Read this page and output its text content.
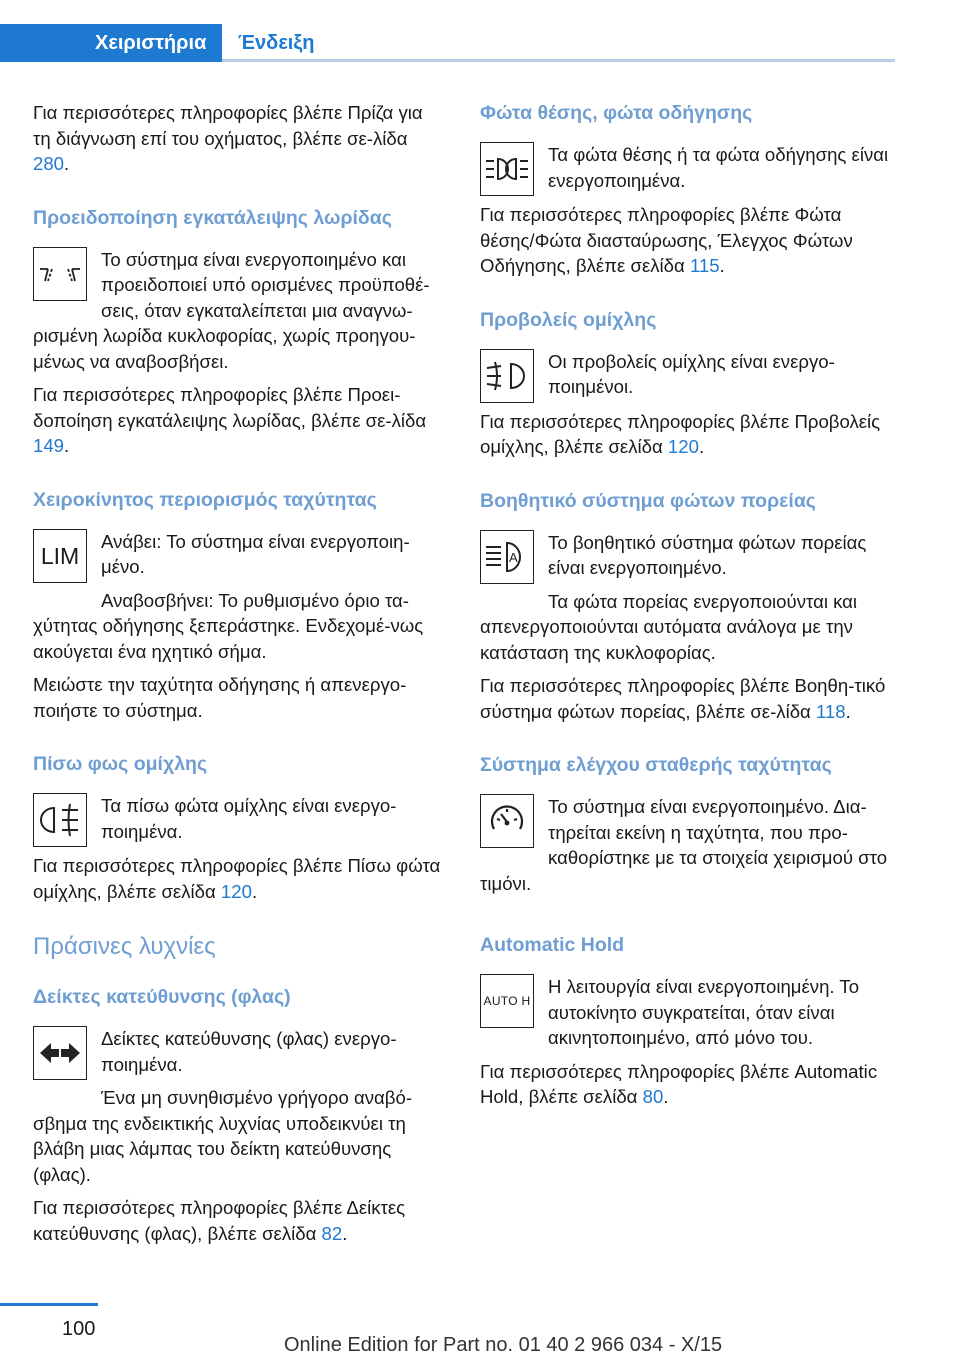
Χειριστήρια	Ένδειξη

Για περισσότερες πληροφορίες βλέπε Πρίζα για τη διάγνωση επί του οχήματος, βλέπε σε‐λίδα 280.

Προειδοποίηση εγκατάλειψης λωρίδας

Το σύστημα είναι ενεργοποιημένο και προειδοποιεί υπό ορισμένες προϋποθέ‐σεις, όταν εγκαταλείπεται μια αναγνω‐ρισμένη λωρίδα κυκλοφορίας, χωρίς προηγου‐μένως να αναβοσβήσει.

Για περισσότερες πληροφορίες βλέπε Προει‐δοποίηση εγκατάλειψης λωρίδας, βλέπε σε‐λίδα 149.

Χειροκίνητος περιορισμός ταχύτητας
LIM

Ανάβει: Το σύστημα είναι ενεργοποιη‐μένο.

Αναβοσβήνει: Το ρυθμισμένο όριο τα‐χύτητας οδήγησης ξεπεράστηκε. Ενδεχομέ‐νως ακούγεται ένα ηχητικό σήμα.

Μειώστε την ταχύτητα οδήγησης ή απενεργο‐ποιήστε το σύστημα.

Πίσω φως ομίχλης

Τα πίσω φώτα ομίχλης είναι ενεργο‐ποιημένα.

Για περισσότερες πληροφορίες βλέπε Πίσω φώτα ομίχλης, βλέπε σελίδα 120.

Πράσινες λυχνίες
Δείκτες κατεύθυνσης (φλας)

Δείκτες κατεύθυνσης (φλας) ενεργο‐ποιημένα.

Ένα μη συνηθισμένο γρήγορο αναβό‐σβημα της ενδεικτικής λυχνίας υποδεικνύει τη βλάβη μιας λάμπας του δείκτη κατεύθυνσης (φλας).

Για περισσότερες πληροφορίες βλέπε Δείκτες κατεύθυνσης (φλας), βλέπε σελίδα 82.

Φώτα θέσης, φώτα οδήγησης

Τα φώτα θέσης ή τα φώτα οδήγησης είναι ενεργοποιημένα.

Για περισσότερες πληροφορίες βλέπε Φώτα θέσης/Φώτα διασταύρωσης, Έλεγχος Φώτων Οδήγησης, βλέπε σελίδα 115.

Προβολείς ομίχλης

Οι προβολείς ομίχλης είναι ενεργο‐ποιημένοι.

Για περισσότερες πληροφορίες βλέπε Προβολείς ομίχλης, βλέπε σελίδα 120.

Βοηθητικό σύστημα φώτων πορείας
A

Το βοηθητικό σύστημα φώτων πορείας είναι ενεργοποιημένο.

Τα φώτα πορείας ενεργοποιούνται και απενεργοποιούνται αυτόματα ανάλογα με την κατάσταση της κυκλοφορίας.

Για περισσότερες πληροφορίες βλέπε Βοηθη‐τικό σύστημα φώτων πορείας, βλέπε σε‐λίδα 118.

Σύστημα ελέγχου σταθερής ταχύτητας

Το σύστημα είναι ενεργοποιημένο. Δια‐τηρείται εκείνη η ταχύτητα, που προ‐καθορίστηκε με τα στοιχεία χειρισμού στο τιμόνι.

Automatic Hold
AUTO H

Η λειτουργία είναι ενεργοποιημένη. Το αυτοκίνητο συγκρατείται, όταν είναι ακινητοποιημένο, από μόνο του.

Για περισσότερες πληροφορίες βλέπε Automatic Hold, βλέπε σελίδα 80.

100
Online Edition for Part no. 01 40 2 966 034 - X/15
